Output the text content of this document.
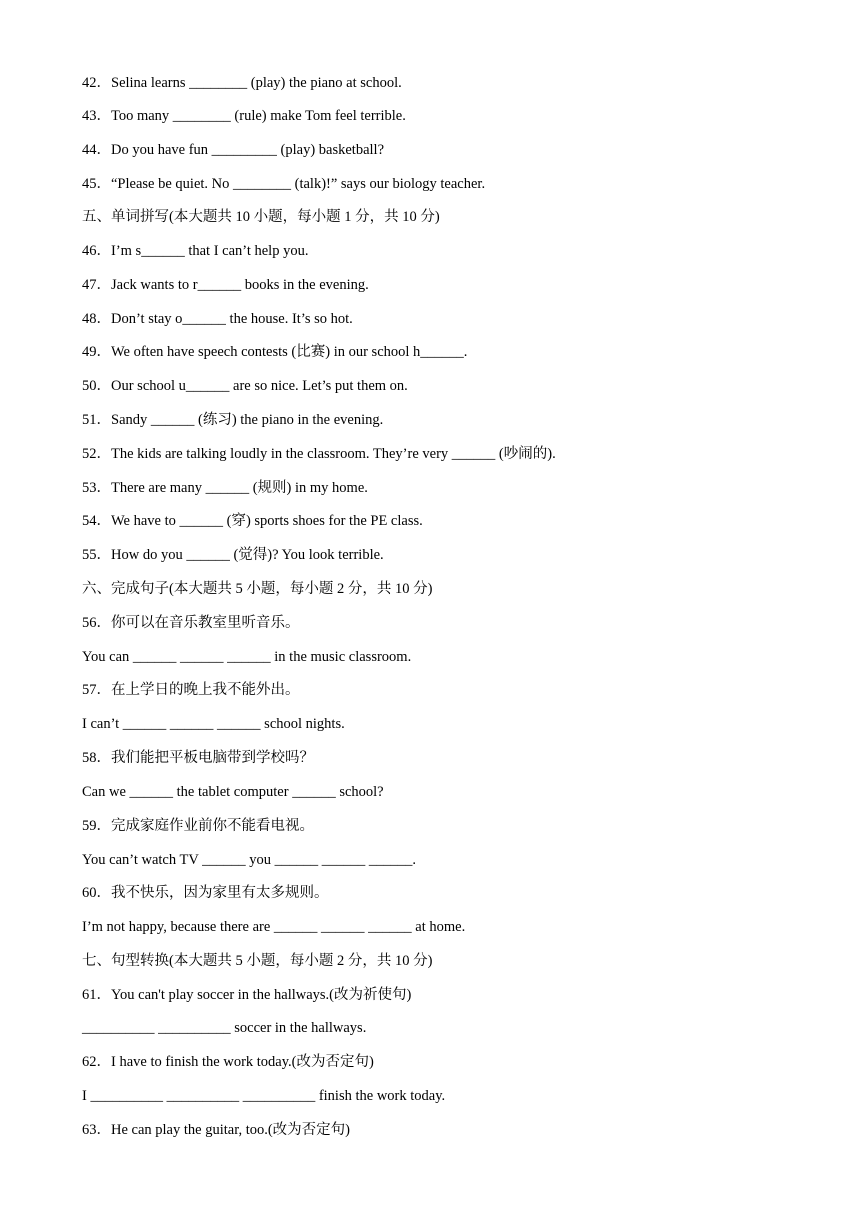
42．Selina learns ________ (play) the piano at school.
43．Too many ________ (rule) make Tom feel terrible.
44．Do you have fun _________ (play) basketball?
45．“Please be quiet. No ________ (talk)!” says our biology teacher.
五、单词拼写(本大题共 10 小题，每小题 1 分，共 10 分)
46．I’m s______ that I can’t help you.
47．Jack wants to r______ books in the evening.
48．Don’t stay o______ the house. It’s so hot.
49．We often have speech contests (比赛) in our school h______.
50．Our school u______ are so nice. Let’s put them on.
51．Sandy ______ (练习) the piano in the evening.
52．The kids are talking loudly in the classroom. They’re very ______ (吵闹的).
53．There are many ______ (规则) in my home.
54．We have to ______ (穿) sports shoes for the PE class.
55．How do you ______ (觉得)? You look terrible.
六、完成句子(本大题共 5 小题，每小题 2 分，共 10 分)
56．你可以在音乐教室里听音乐。
You can ______ ______ ______ in the music classroom.
57．在上学日的晚上我不能外出。
I can’t ______ ______ ______ school nights.
58．我们能把平板电脑带到学校吗？
Can we ______ the tablet computer ______ school?
59．完成家庭作业前你不能看电视。
You can’t watch TV ______ you ______ ______ ______.
60．我不快乐，因为家里有太多规则。
I’m not happy, because there are ______ ______ ______ at home.
七、句型转换(本大题共 5 小题，每小题 2 分，共 10 分)
61．You can't play soccer in the hallways.(改为祈使句)
__________ __________ soccer in the hallways.
62．I have to finish the work today.(改为否定句)
I __________ __________ __________ finish the work today.
63．He can play the guitar, too.(改为否定句)
